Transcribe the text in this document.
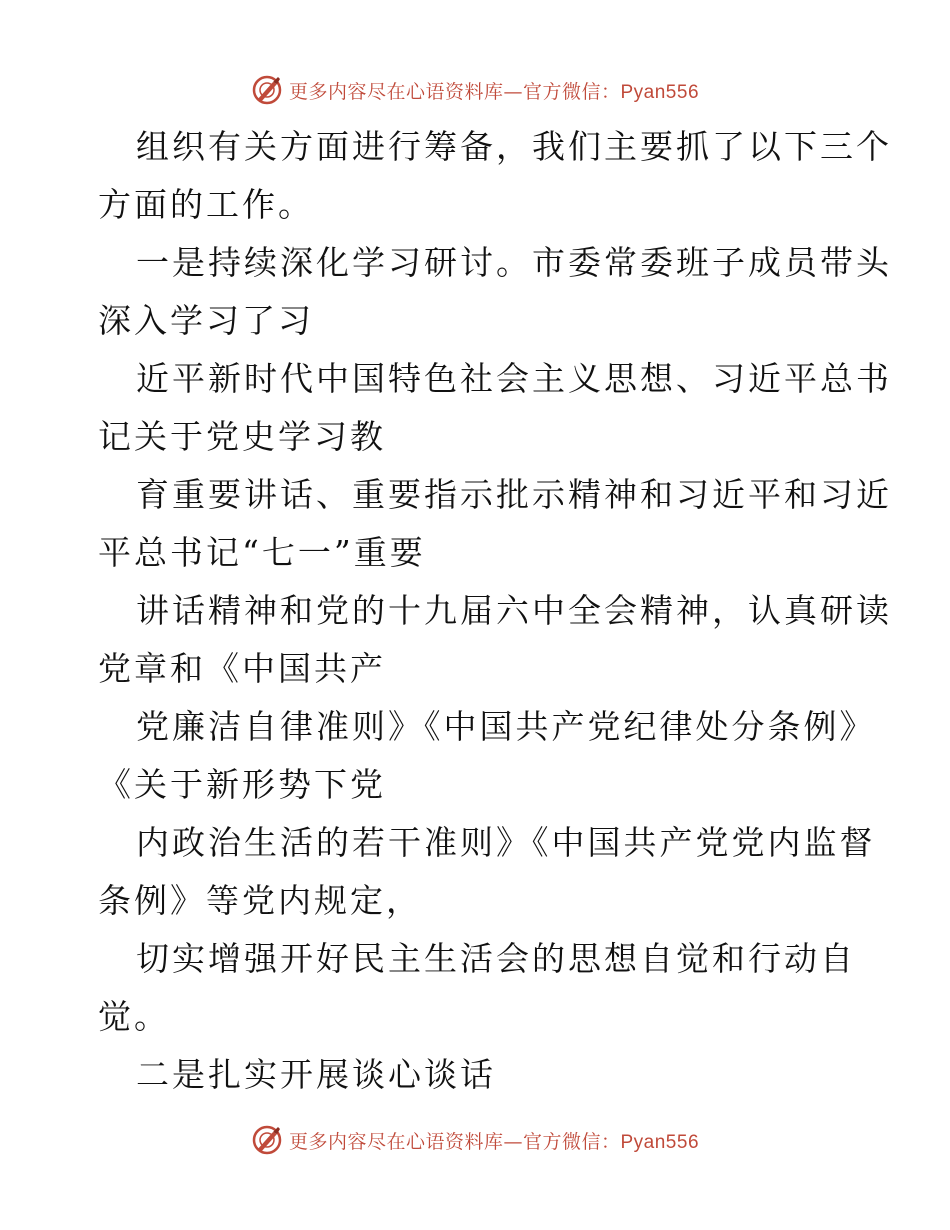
更多内容尽在心语资料库—官方微信：Pyan556
组织有关方面进行筹备，我们主要抓了以下三个
方面的工作。
一是持续深化学习研讨。市委常委班子成员带头
深入学习了习
近平新时代中国特色社会主义思想、习近平总书
记关于党史学习教
育重要讲话、重要指示批示精神和习近平和习近
平总书记“七一”重要
讲话精神和党的十九届六中全会精神，认真研读
党章和《中国共产
党廉洁自律准则》《中国共产党纪律处分条例》
《关于新形势下党
内政治生活的若干准则》《中国共产党党内监督
条例》等党内规定，
切实增强开好民主生活会的思想自觉和行动自
觉。
二是扎实开展谈心谈话
更多内容尽在心语资料库—官方微信：Pyan556
